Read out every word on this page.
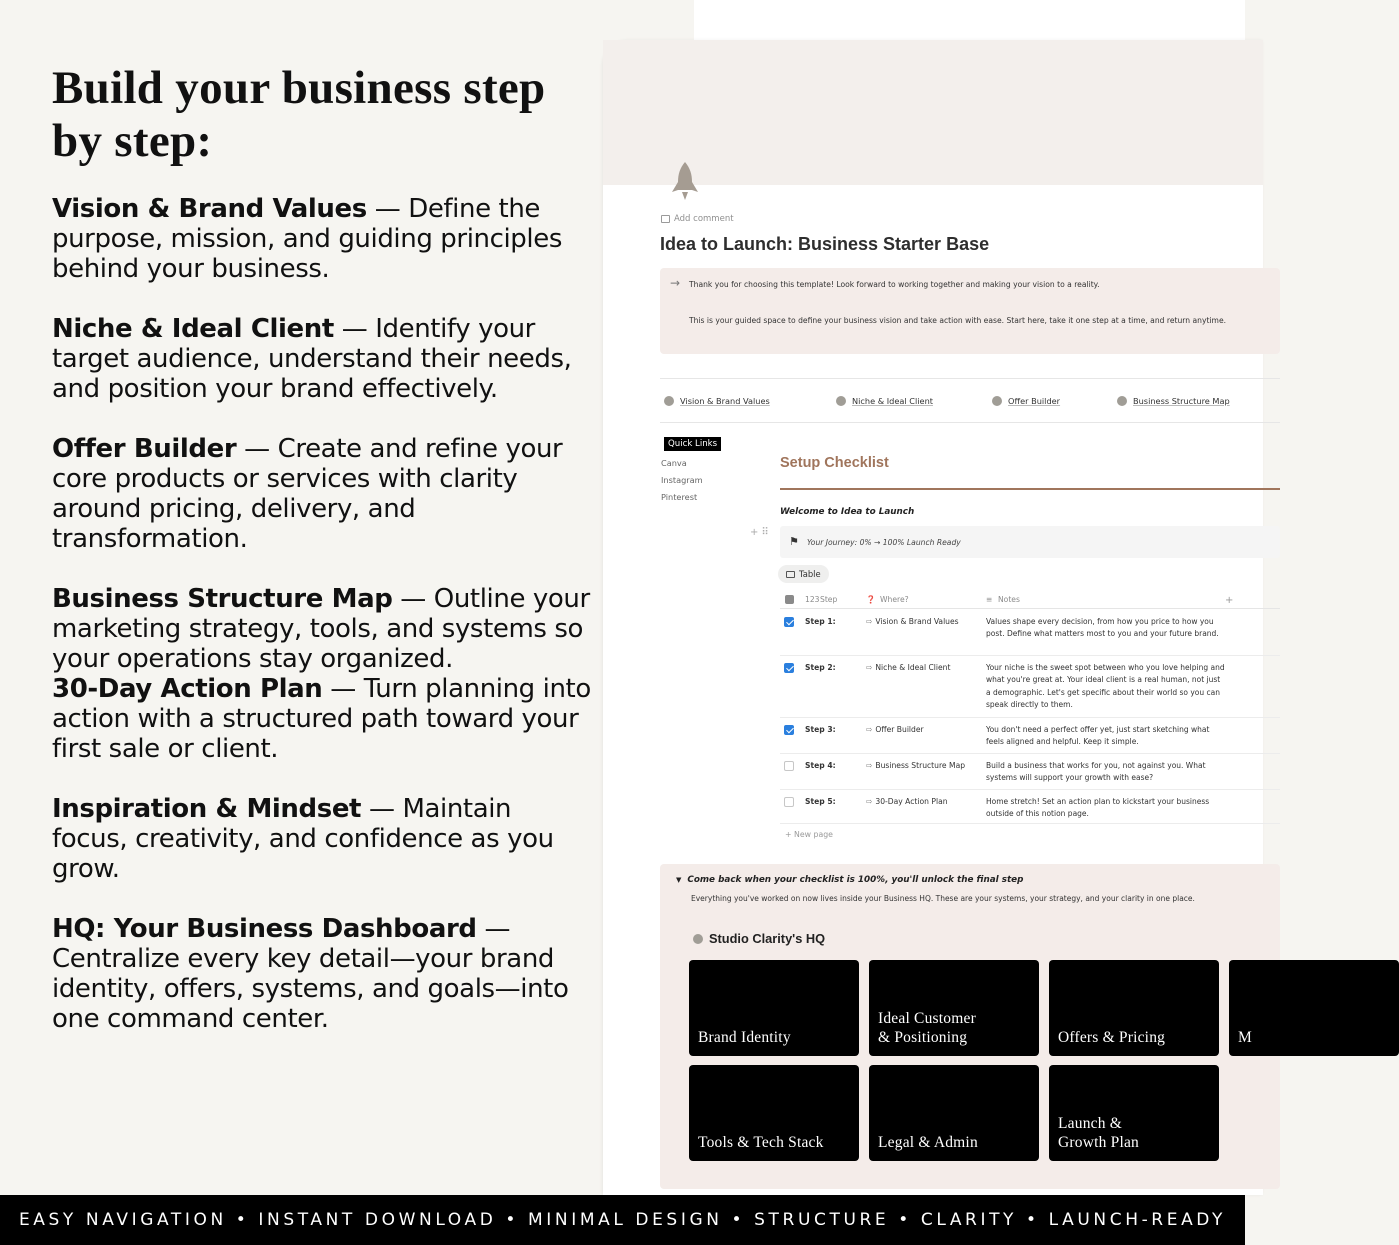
Build your business step by step:

Vision & Brand Values — Define the purpose, mission, and guiding principles behind your business.

Niche & Ideal Client — Identify your target audience, understand their needs, and position your brand effectively.

Offer Builder — Create and refine your core products or services with clarity around pricing, delivery, and transformation.

Business Structure Map — Outline your marketing strategy, tools, and systems so your operations stay organized.

30-Day Action Plan — Turn planning into action with a structured path toward your first sale or client.

Inspiration & Mindset — Maintain focus, creativity, and confidence as you grow.

HQ: Your Business Dashboard — Centralize every key detail—your brand identity, offers, systems, and goals—into one command center.

Add comment
Idea to Launch: Business Starter Base
→ Thank you for choosing this template! Look forward to working together and making your vision to a reality.
This is your guided space to define your business vision and take action with ease. Start here, take it one step at a time, and return anytime.
Vision & Brand Values	Niche & Ideal Client	Offer Builder	Business Structure Map
Quick Links
Canva
Instagram
Pinterest
Setup Checklist
Welcome to Idea to Launch
+⠿
⚑ Your Journey: 0% → 100% Launch Ready
Table
123 Step	❓ Where?	≡ Notes	+
Step 1:	⇨ Vision & Brand Values	Values shape every decision, from how you price to how you post. Define what matters most to you and your future brand.
Step 2:	⇨ Niche & Ideal Client	Your niche is the sweet spot between who you love helping and what you're great at. Your ideal client is a real human, not just a demographic. Let's get specific about their world so you can speak directly to them.
Step 3:	⇨ Offer Builder	You don't need a perfect offer yet, just start sketching what feels aligned and helpful. Keep it simple.
Step 4:	⇨ Business Structure Map	Build a business that works for you, not against you. What systems will support your growth with ease?
Step 5:	⇨ 30-Day Action Plan	Home stretch! Set an action plan to kickstart your business outside of this notion page.
+ New page
▼ Come back when your checklist is 100%, you'll unlock the final step
Everything you've worked on now lives inside your Business HQ. These are your systems, your strategy, and your clarity in one place.
Studio Clarity's HQ
Brand Identity
Ideal Customer
& Positioning	Offers & Pricing	M
Tools & Tech Stack	Legal & Admin
Launch &
Growth Plan
EASY NAVIGATION • INSTANT DOWNLOAD • MINIMAL DESIGN • STRUCTURE • CLARITY • LAUNCH-READY
